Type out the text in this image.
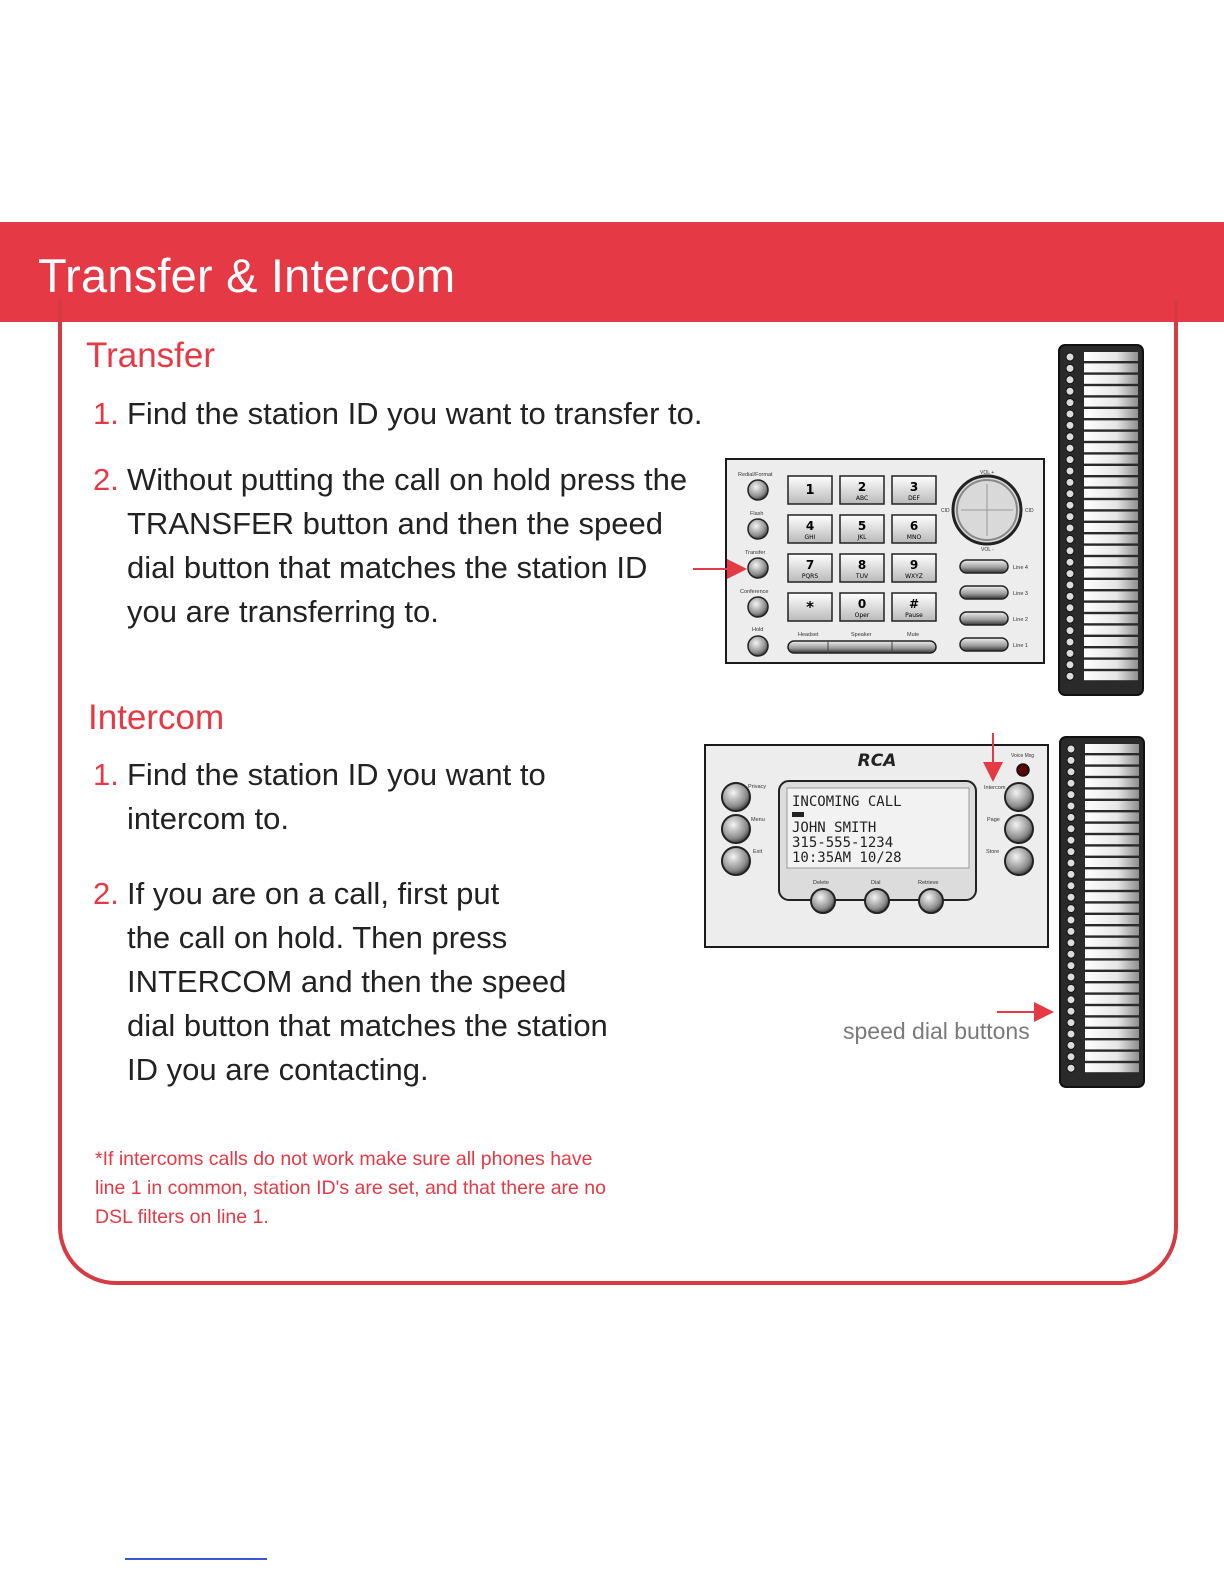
Transfer & Intercom
Transfer

1. Find the station ID you want to transfer to.

2. Without putting the call on hold press the
TRANSFER button and then the speed
dial button that matches the station ID
you are transferring to.

Intercom

1. Find the station ID you want to
intercom to.

2. If you are on a call, first put
the call on hold. Then press
INTERCOM and then the speed
dial button that matches the station
ID you are contacting.

*If intercoms calls do not work make sure all phones have
line 1 in common, station ID's are set, and that there are no
DSL filters on line 1.

speed dial buttons
Redial/Format
Flash
Transfer
Conference
Hold
1	2
ABC
3
DEF
4
GHI
5
JKL
6
MNO
7
PQRS
8
TUV
9
WXYZ
*	0
Oper
#
Pause
Headset	Speaker	Mute
VOL +
VOL -
CID	CID
Line 4
Line 3
Line 2
Line 1
RCA	Voice Msg
INCOMING CALL
JOHN SMITH
315-555-1234
10:35AM 10/28
Privacy
Menu
Exit
Intercom
Page
Store
Delete	Dial	Retrieve
